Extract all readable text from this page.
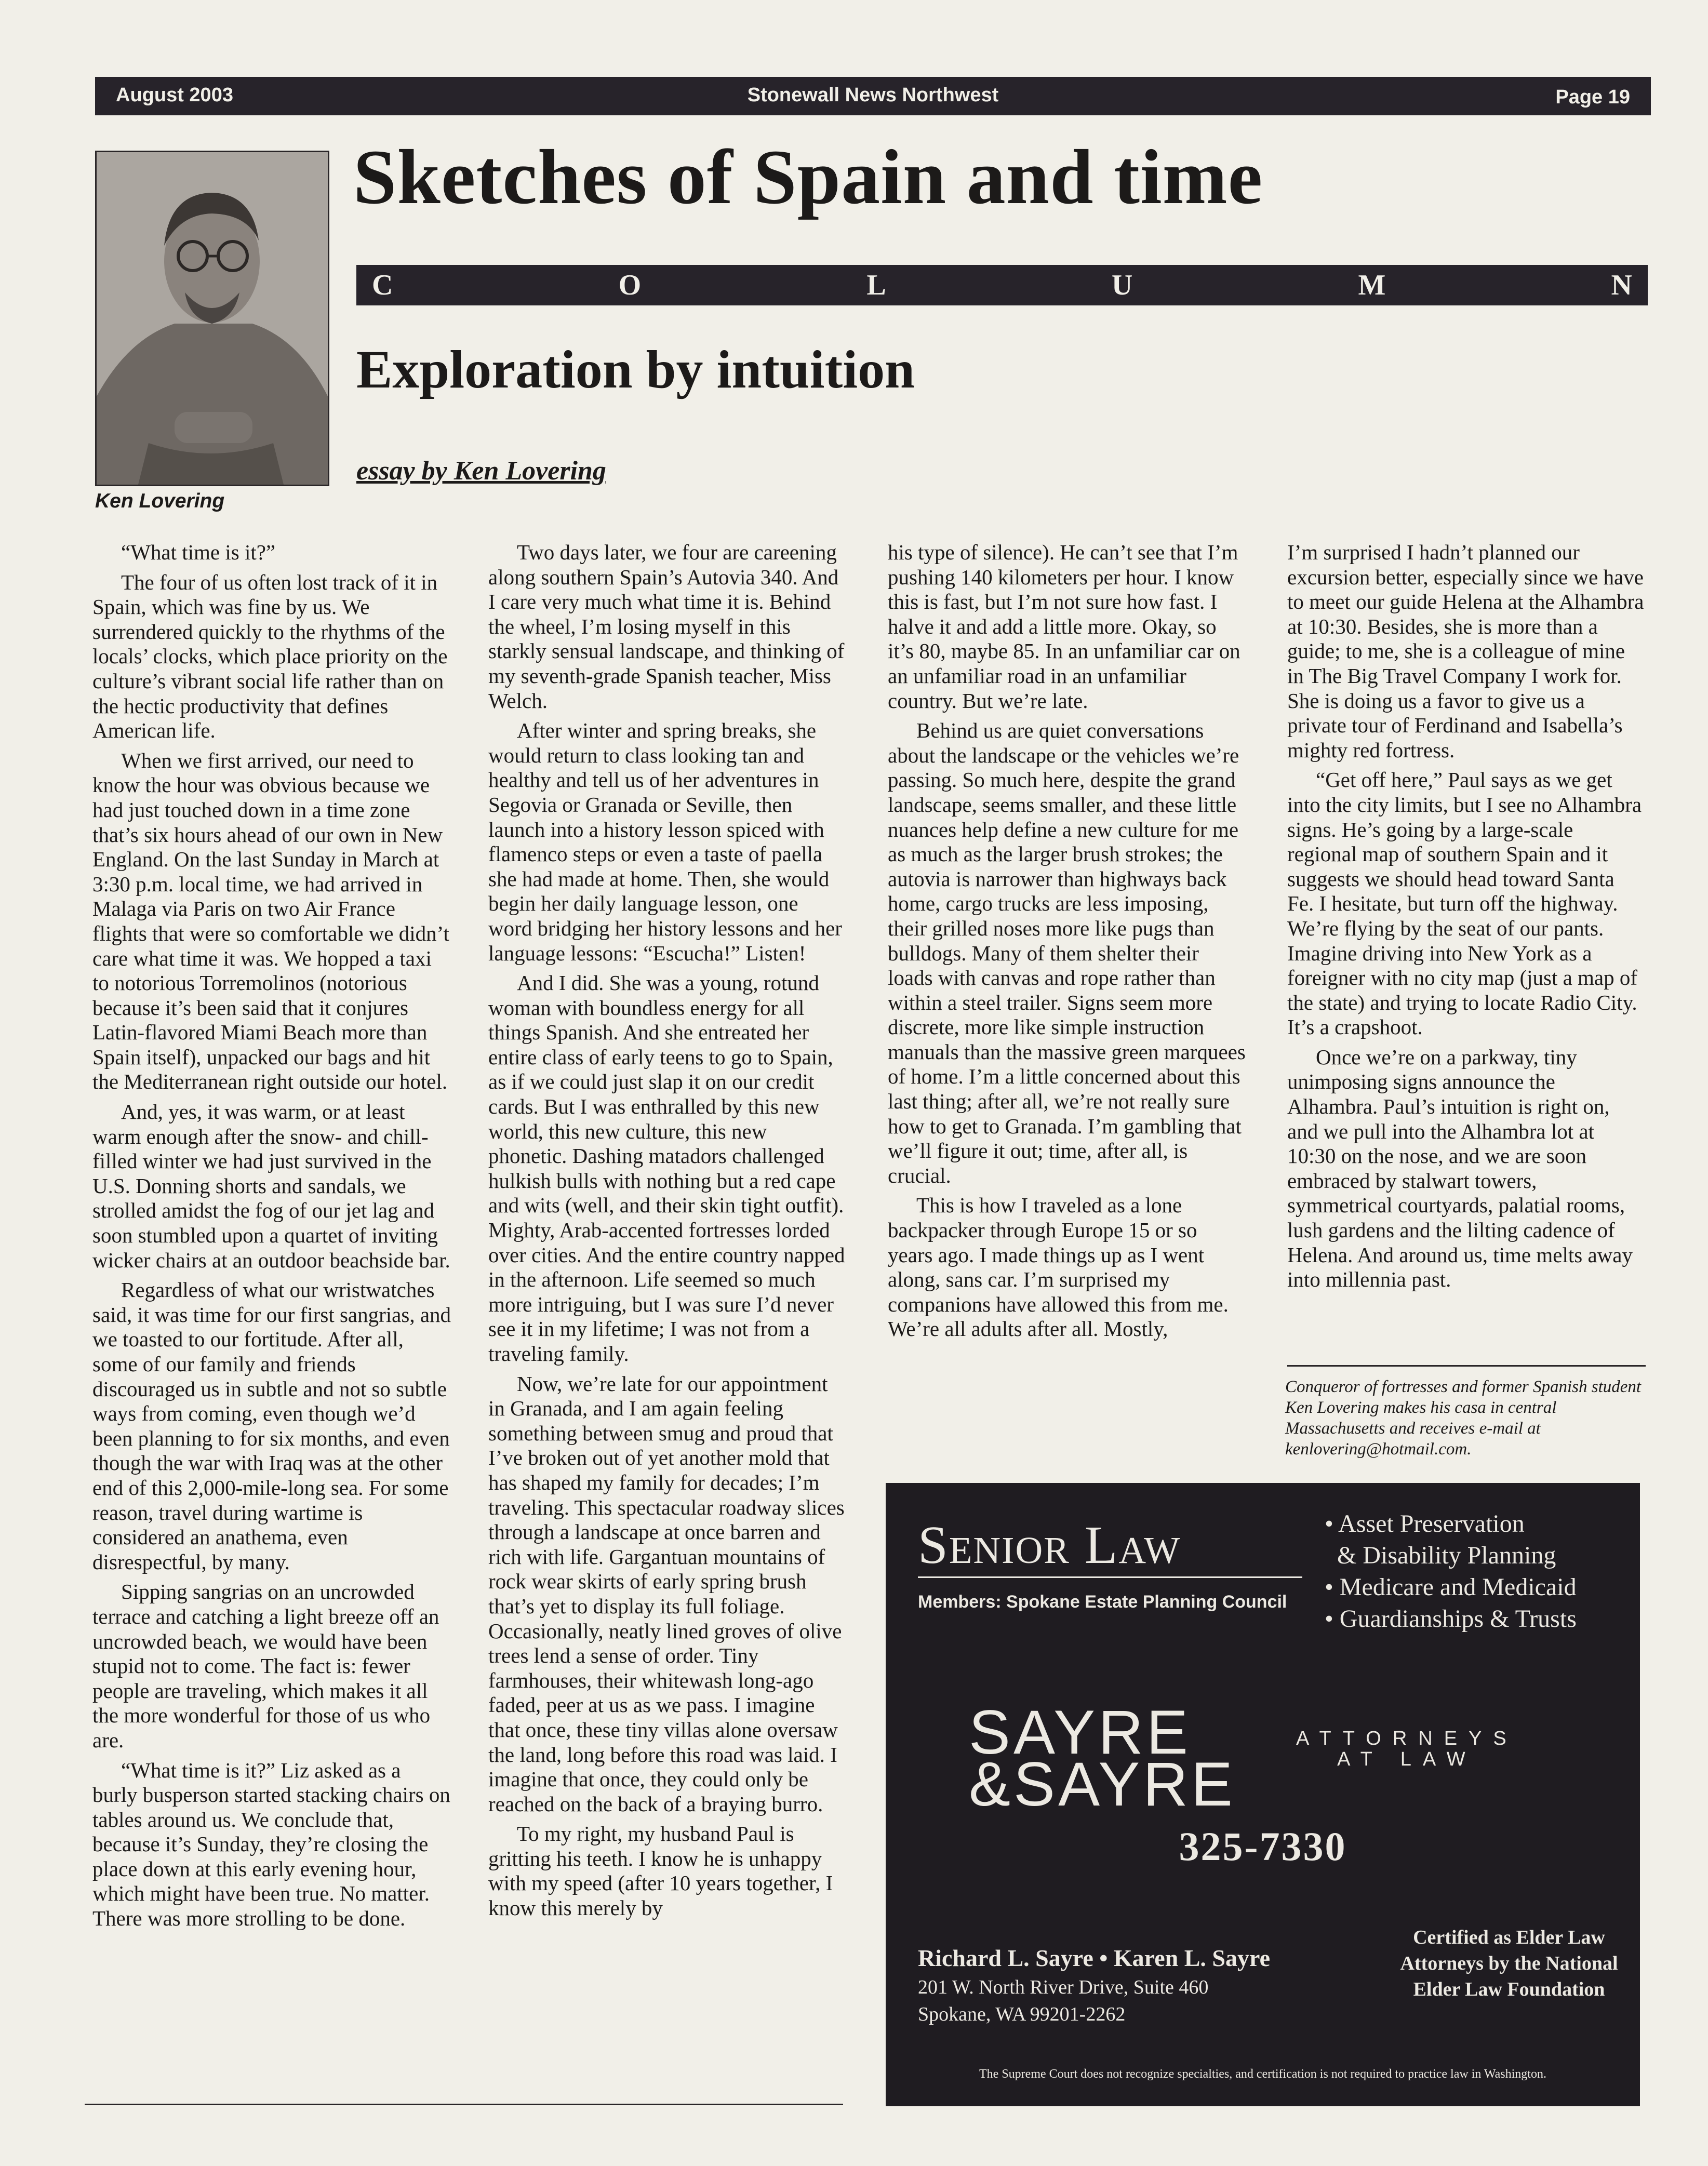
August 2003	Stonewall News Northwest	Page 19
Ken Lovering
Sketches of Spain and time
C	O	L	U	M	N
Exploration by intuition
essay by Ken Lovering

“What time is it?”

The four of us often lost track of it in Spain, which was fine by us. We surrendered quickly to the rhythms of the locals’ clocks, which place priority on the culture’s vibrant social life rather than on the hectic productivity that defines American life.

When we first arrived, our need to know the hour was obvious because we had just touched down in a time zone that’s six hours ahead of our own in New England. On the last Sunday in March at 3:30 p.m. local time, we had arrived in Malaga via Paris on two Air France flights that were so comfortable we didn’t care what time it was. We hopped a taxi to notorious Torremolinos (notorious because it’s been said that it conjures Latin-flavored Miami Beach more than Spain itself), unpacked our bags and hit the Mediterranean right outside our hotel.

And, yes, it was warm, or at least warm enough after the snow- and chill-filled winter we had just survived in the U.S. Donning shorts and sandals, we strolled amidst the fog of our jet lag and soon stumbled upon a quartet of inviting wicker chairs at an outdoor beachside bar.

Regardless of what our wristwatches said, it was time for our first sangrias, and we toasted to our fortitude. After all, some of our family and friends discouraged us in subtle and not so subtle ways from coming, even though we’d been planning to for six months, and even though the war with Iraq was at the other end of this 2,000-mile-long sea. For some reason, travel during wartime is considered an anathema, even disrespectful, by many.

Sipping sangrias on an uncrowded terrace and catching a light breeze off an uncrowded beach, we would have been stupid not to come. The fact is: fewer people are traveling, which makes it all the more wonderful for those of us who are.

“What time is it?” Liz asked as a burly busperson started stacking chairs on tables around us. We conclude that, because it’s Sunday, they’re closing the place down at this early evening hour, which might have been true. No matter. There was more strolling to be done.

Two days later, we four are careening along southern Spain’s Autovia 340. And I care very much what time it is. Behind the wheel, I’m losing myself in this starkly sensual landscape, and thinking of my seventh-grade Spanish teacher, Miss Welch.

After winter and spring breaks, she would return to class looking tan and healthy and tell us of her adventures in Segovia or Granada or Seville, then launch into a history lesson spiced with flamenco steps or even a taste of paella she had made at home. Then, she would begin her daily language lesson, one word bridging her history lessons and her language lessons: “Escucha!” Listen!

And I did. She was a young, rotund woman with boundless energy for all things Spanish. And she entreated her entire class of early teens to go to Spain, as if we could just slap it on our credit cards. But I was enthralled by this new world, this new culture, this new phonetic. Dashing matadors challenged hulkish bulls with nothing but a red cape and wits (well, and their skin tight outfit). Mighty, Arab-accented fortresses lorded over cities. And the entire country napped in the afternoon. Life seemed so much more intriguing, but I was sure I’d never see it in my lifetime; I was not from a traveling family.

Now, we’re late for our appointment in Granada, and I am again feeling something between smug and proud that I’ve broken out of yet another mold that has shaped my family for decades; I’m traveling. This spectacular roadway slices through a landscape at once barren and rich with life. Gargantuan mountains of rock wear skirts of early spring brush that’s yet to display its full foliage. Occasionally, neatly lined groves of olive trees lend a sense of order. Tiny farmhouses, their whitewash long-ago faded, peer at us as we pass. I imagine that once, these tiny villas alone oversaw the land, long before this road was laid. I imagine that once, they could only be reached on the back of a braying burro.

To my right, my husband Paul is gritting his teeth. I know he is unhappy with my speed (after 10 years together, I know this merely by

his type of silence). He can’t see that I’m pushing 140 kilometers per hour. I know this is fast, but I’m not sure how fast. I halve it and add a little more. Okay, so it’s 80, maybe 85. In an unfamiliar car on an unfamiliar road in an unfamiliar country. But we’re late.

Behind us are quiet conversations about the landscape or the vehicles we’re passing. So much here, despite the grand landscape, seems smaller, and these little nuances help define a new culture for me as much as the larger brush strokes; the autovia is narrower than highways back home, cargo trucks are less imposing, their grilled noses more like pugs than bulldogs. Many of them shelter their loads with canvas and rope rather than within a steel trailer. Signs seem more discrete, more like simple instruction manuals than the massive green marquees of home. I’m a little concerned about this last thing; after all, we’re not really sure how to get to Granada. I’m gambling that we’ll figure it out; time, after all, is crucial.

This is how I traveled as a lone backpacker through Europe 15 or so years ago. I made things up as I went along, sans car. I’m surprised my companions have allowed this from me. We’re all adults after all. Mostly,

I’m surprised I hadn’t planned our excursion better, especially since we have to meet our guide Helena at the Alhambra at 10:30. Besides, she is more than a guide; to me, she is a colleague of mine in The Big Travel Company I work for. She is doing us a favor to give us a private tour of Ferdinand and Isabella’s mighty red fortress.

“Get off here,” Paul says as we get into the city limits, but I see no Alhambra signs. He’s going by a large-scale regional map of southern Spain and it suggests we should head toward Santa Fe. I hesitate, but turn off the highway. We’re flying by the seat of our pants. Imagine driving into New York as a foreigner with no city map (just a map of the state) and trying to locate Radio City. It’s a crapshoot.

Once we’re on a parkway, tiny unimposing signs announce the Alhambra. Paul’s intuition is right on, and we pull into the Alhambra lot at 10:30 on the nose, and we are soon embraced by stalwart towers, symmetrical courtyards, palatial rooms, lush gardens and the lilting cadence of Helena. And around us, time melts away into millennia past.

Conqueror of fortresses and former Spanish student Ken Lovering makes his casa in central Massachusetts and receives e-mail at kenlovering@hotmail.com.
Senior Law
Members: Spokane Estate Planning Council
• Asset Preservation
& Disability Planning
• Medicare and Medicaid
• Guardianships & Trusts
SAYRE
&SAYRE
ATTORNEYS
AT LAW
325-7330
Richard L. Sayre • Karen L. Sayre
201 W. North River Drive, Suite 460
Spokane, WA 99201-2262
Certified as Elder Law Attorneys by the National Elder Law Foundation
The Supreme Court does not recognize specialties, and certification is not required to practice law in Washington.
